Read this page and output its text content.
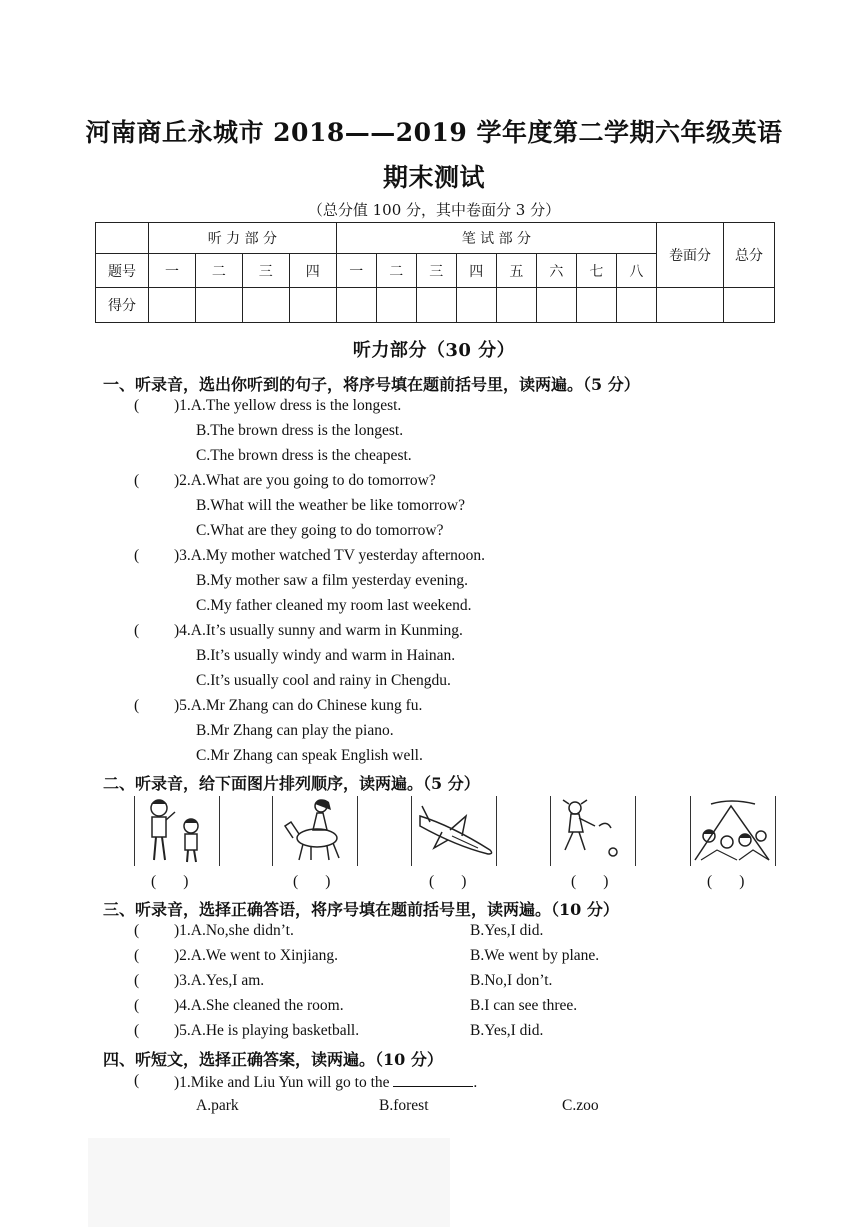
河南商丘永城市 2018——2019 学年度第二学期六年级英语
期末测试
（总分值 100 分，其中卷面分 3 分）
	听 力 部 分				笔 试 部 分								卷面分	总分
题号	一	二	三	四	一	二	三	四	五	六	七	八		
得分														
听力部分（30 分）
一、听录音，选出你听到的句子，将序号填在题前括号里，读两遍。（5 分）
( )1.A.The yellow dress is the longest.
B.The brown dress is the longest.
C.The brown dress is the cheapest.
( )2.A.What are you going to do tomorrow?
B.What will the weather be like tomorrow?
C.What are they going to do tomorrow?
( )3.A.My mother watched TV yesterday afternoon.
B.My mother saw a film yesterday evening.
C.My father cleaned my room last weekend.
( )4.A.It’s usually sunny and warm in Kunming.
B.It’s usually windy and warm in Hainan.
C.It’s usually cool and rainy in Chengdu.
( )5.A.Mr Zhang can do Chinese kung fu.
B.Mr Zhang can play the piano.
C.Mr Zhang can speak English well.
二、听录音，给下面图片排列顺序，读两遍。（5 分）
(       )	(       )	(       )	(       )	(       )
三、听录音，选择正确答语，将序号填在题前括号里，读两遍。（10 分）
( )1.A.No,she didn’t.	B.Yes,I did.
( )2.A.We went to Xinjiang.	B.We went by plane.
( )3.A.Yes,I am.	B.No,I don’t.
( )4.A.She cleaned the room.	B.I can see three.
( )5.A.He is playing basketball.	B.Yes,I did.
四、听短文，选择正确答案，读两遍。（10 分）
( )1.Mike and Liu Yun will go to the	.
A.park	B.forest	C.zoo
